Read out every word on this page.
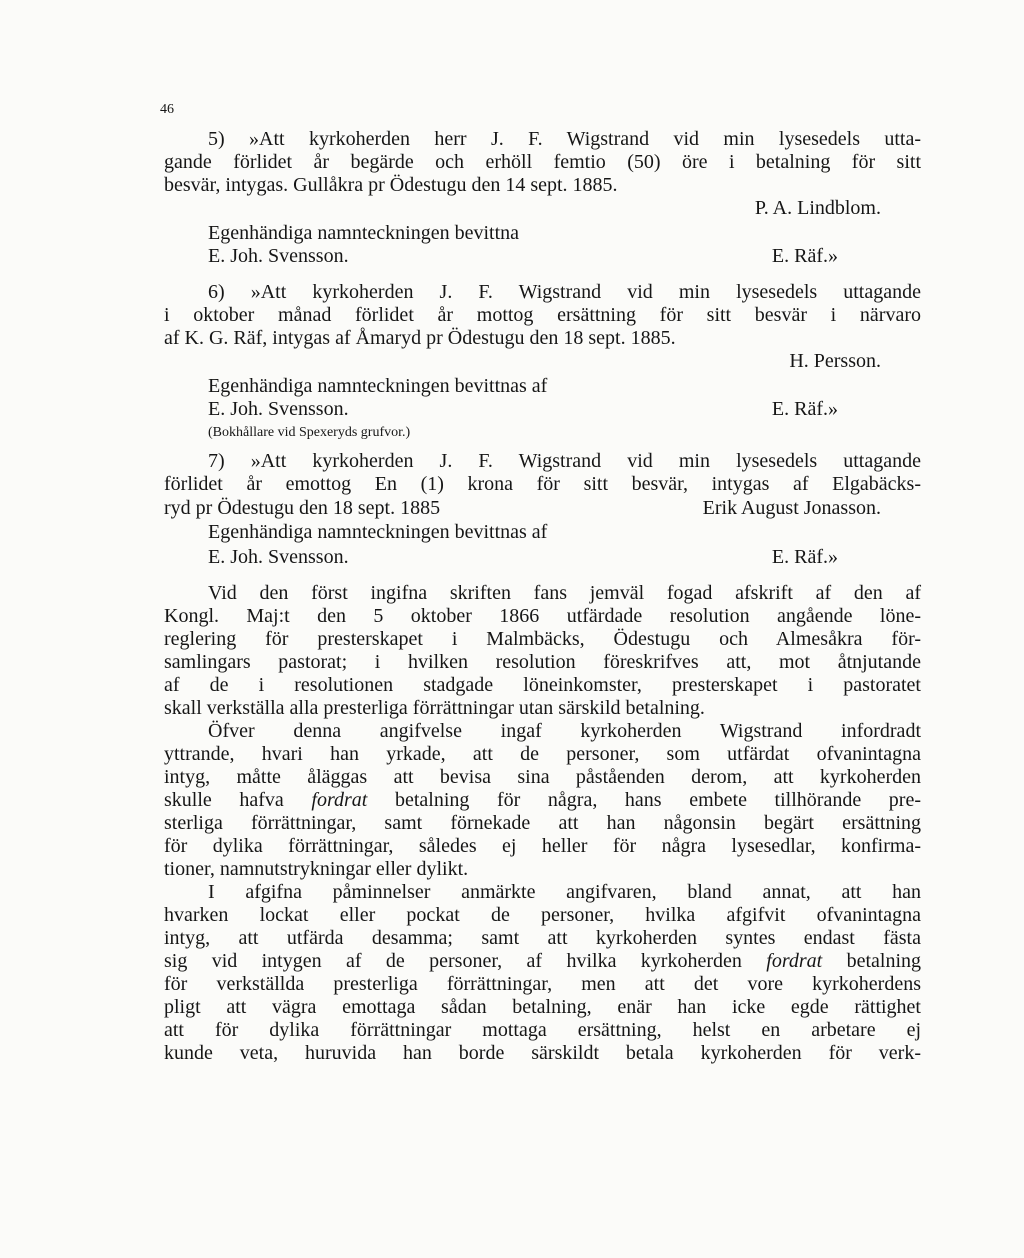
46
5) »Att kyrkoherden herr J. F. Wigstrand vid min lysesedels utta-
gande förlidet år begärde och erhöll femtio (50) öre i betalning för sitt
besvär, intygas. Gullåkra pr Ödestugu den 14 sept. 1885.
P. A. Lindblom.
Egenhändiga namnteckningen bevittna
E. Joh. Svensson.	E. Räf.»
6) »Att kyrkoherden J. F. Wigstrand vid min lysesedels uttagande
i oktober månad förlidet år mottog ersättning för sitt besvär i närvaro
af K. G. Räf, intygas af Åmaryd pr Ödestugu den 18 sept. 1885.
H. Persson.
Egenhändiga namnteckningen bevittnas af
E. Joh. Svensson.	E. Räf.»
(Bokhållare vid Spexeryds grufvor.)
7) »Att kyrkoherden J. F. Wigstrand vid min lysesedels uttagande
förlidet år emottog En (1) krona för sitt besvär, intygas af Elgabäcks-
ryd pr Ödestugu den 18 sept. 1885	Erik August Jonasson.
Egenhändiga namnteckningen bevittnas af
E. Joh. Svensson.	E. Räf.»
Vid den först ingifna skriften fans jemväl fogad afskrift af den af
Kongl. Maj:t den 5 oktober 1866 utfärdade resolution angående löne-
reglering för presterskapet i Malmbäcks, Ödestugu och Almesåkra för-
samlingars pastorat; i hvilken resolution föreskrifves att, mot åtnjutande
af de i resolutionen stadgade löneinkomster, presterskapet i pastoratet
skall verkställa alla presterliga förrättningar utan särskild betalning.
Öfver denna angifvelse ingaf kyrkoherden Wigstrand infordradt
yttrande, hvari han yrkade, att de personer, som utfärdat ofvanintagna
intyg, måtte åläggas att bevisa sina påståenden derom, att kyrkoherden
skulle hafva fordrat betalning för några, hans embete tillhörande pre-
sterliga förrättningar, samt förnekade att han någonsin begärt ersättning
för dylika förrättningar, således ej heller för några lysesedlar, konfirma-
tioner, namnutstrykningar eller dylikt.
I afgifna påminnelser anmärkte angifvaren, bland annat, att han
hvarken lockat eller pockat de personer, hvilka afgifvit ofvanintagna
intyg, att utfärda desamma; samt att kyrkoherden syntes endast fästa
sig vid intygen af de personer, af hvilka kyrkoherden fordrat betalning
för verkställda presterliga förrättningar, men att det vore kyrkoherdens
pligt att vägra emottaga sådan betalning, enär han icke egde rättighet
att för dylika förrättningar mottaga ersättning, helst en arbetare ej
kunde veta, huruvida han borde särskildt betala kyrkoherden för verk-
